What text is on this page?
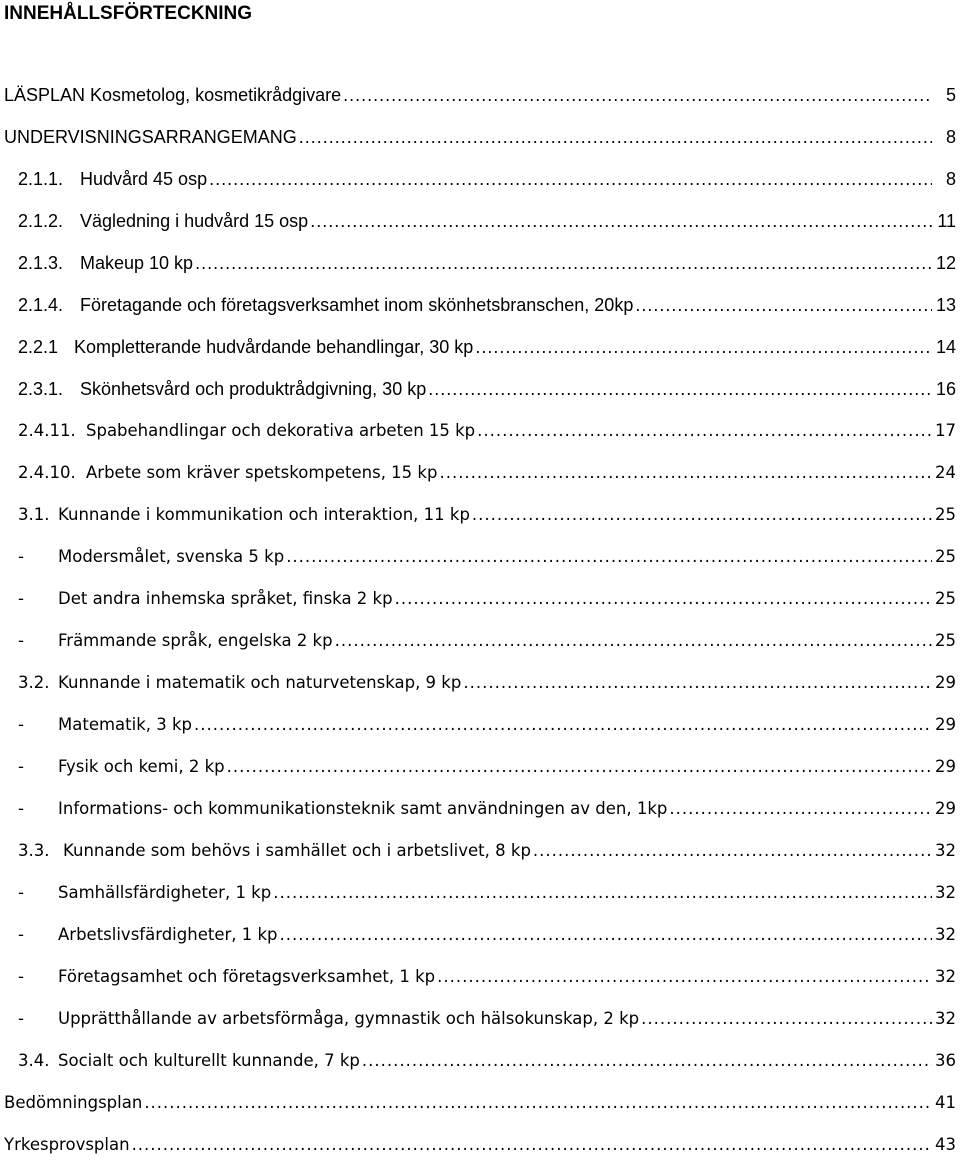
INNEHÅLLSFÖRTECKNING
LÄSPLAN Kosmetolog, kosmetikrådgivare .....	5
UNDERVISNINGSARRANGEMANG .....	8
2.1.1. Hudvård 45 osp .....	8
2.1.2. Vägledning i hudvård 15 osp .....	11
2.1.3. Makeup 10 kp .....	12
2.1.4. Företagande och företagsverksamhet inom skönhetsbranschen, 20kp .....	13
2.2.1 Kompletterande hudvårdande behandlingar, 30 kp .....	14
2.3.1. Skönhetsvård och produktrådgivning, 30 kp .....	16
2.4.11. Spabehandlingar och dekorativa arbeten 15 kp .....	17
2.4.10. Arbete som kräver spetskompetens, 15 kp .....	24
3.1. Kunnande i kommunikation och interaktion, 11 kp .....	25
-	Modersmålet, svenska 5 kp .....	25
-	Det andra inhemska språket, finska 2 kp .....	25
-	Främmande språk, engelska 2 kp .....	25
3.2. Kunnande i matematik och naturvetenskap, 9 kp .....	29
-	Matematik, 3 kp .....	29
-	Fysik och kemi, 2 kp .....	29
-	Informations- och kommunikationsteknik samt användningen av den, 1kp .....	29
3.3. Kunnande som behövs i samhället och i arbetslivet, 8 kp .....	32
-	Samhällsfärdigheter, 1 kp .....	32
-	Arbetslivsfärdigheter, 1 kp .....	32
-	Företagsamhet och företagsverksamhet, 1 kp .....	32
-	Upprätthållande av arbetsförmåga, gymnastik och hälsokunskap, 2 kp .....	32
3.4. Socialt och kulturellt kunnande, 7 kp .....	36
Bedömningsplan .....	41
Yrkesprovsplan .....	43
